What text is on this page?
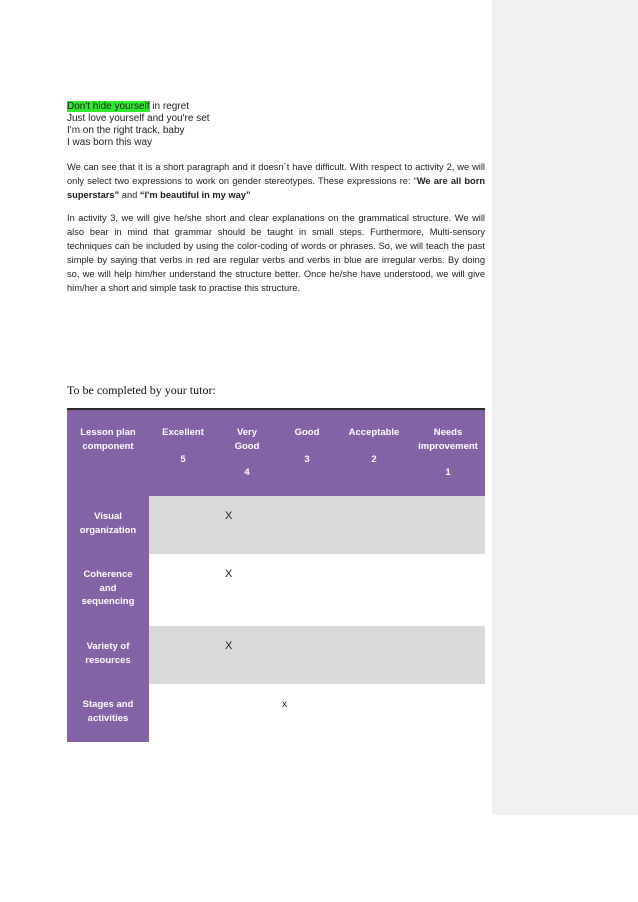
Don't hide yourself in regret
Just love yourself and you're set
I'm on the right track, baby
I was born this way
We can see that it is a short paragraph and it doesn´t have difficult. With respect to activity 2, we will only select two expressions to work on gender stereotypes. These expressions re: “We are all born superstars” and “I'm beautiful in my way”
In activity 3, we will give he/she short and clear explanations on the grammatical structure. We will also bear in mind that grammar should be taught in small steps. Furthermore, Multi-sensory techniques can be included by using the color-coding of words or phrases. So, we will teach the past simple by saying that verbs in red are regular verbs and verbs in blue are irregular verbs. By doing so, we will help him/her understand the structure better. Once he/she have understood, we will give him/her a short and simple task to practise this structure.
To be completed by your tutor:
Lesson plan component
Excellent
5
Very Good
4
Good
3
Acceptable
2
Needs improvement
1
Visual organization
X
Coherence and sequencing
X
Variety of resources
X
Stages and activities
x
